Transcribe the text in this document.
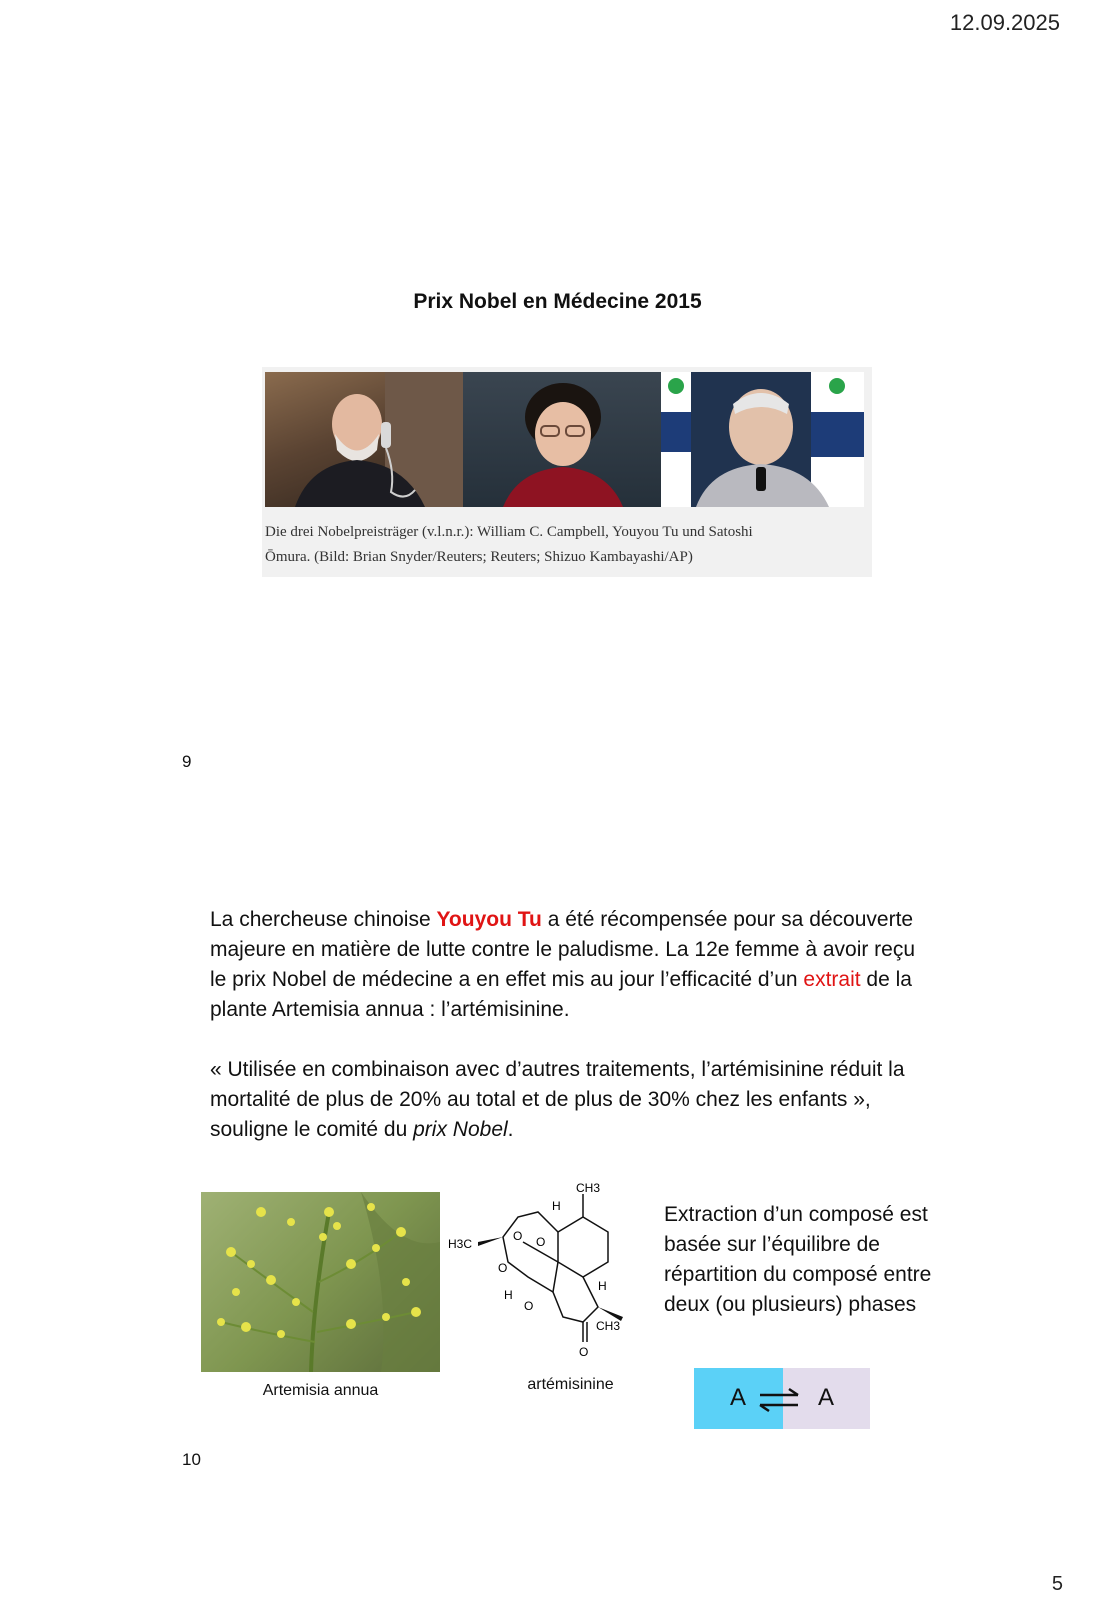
12.09.2025
Prix Nobel en Médecine 2015
Die drei Nobelpreisträger (v.l.n.r.): William C. Campbell, Youyou Tu und Satoshi
Ōmura. (Bild: Brian Snyder/Reuters; Reuters; Shizuo Kambayashi/AP)
9

La chercheuse chinoise Youyou Tu a été récompensée pour sa découverte majeure en matière de lutte contre le paludisme. La 12e femme à avoir reçu le prix Nobel de médecine a en effet mis au jour l’efficacité d’un extrait de la plante Artemisia annua : l’artémisinine.

« Utilisée en combinaison avec d’autres traitements, l’artémisinine réduit la mortalité de plus de 20% au total et de plus de 30% chez les enfants », souligne le comité du prix Nobel.

Artemisia annua
CH3
H
H3C
O O
O
H
H
O
CH3
O
artémisinine
Extraction d’un composé est basée sur l’équilibre de répartition du composé entre deux (ou plusieurs) phases
A	A
10
5
